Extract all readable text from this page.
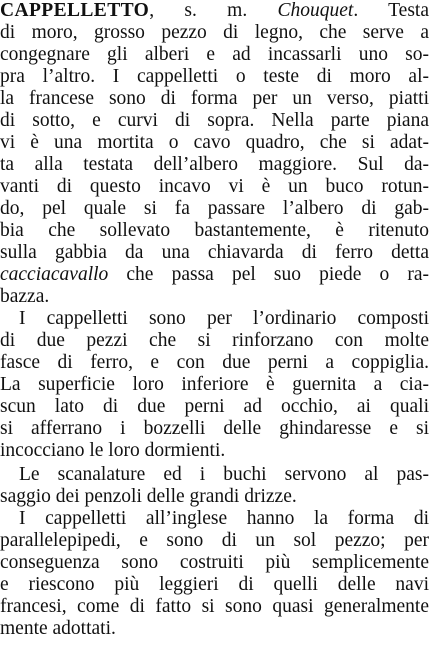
CAPPELLETTO, s. m. Chouquet. Testa
di moro, grosso pezzo di legno, che serve a
congegnare gli alberi e ad incassarli uno so-
pra l’altro. I cappelletti o teste di moro al-
la francese sono di forma per un verso, piatti
di sotto, e curvi di sopra. Nella parte piana
vi è una mortita o cavo quadro, che si adat-
ta alla testata dell’albero maggiore. Sul da-
vanti di questo incavo vi è un buco rotun-
do, pel quale si fa passare l’albero di gab-
bia che sollevato bastantemente, è ritenuto
sulla gabbia da una chiavarda di ferro detta
cacciacavallo che passa pel suo piede o ra-
bazza.
I cappelletti sono per l’ordinario composti
di due pezzi che si rinforzano con molte
fasce di ferro, e con due perni a coppiglia.
La superficie loro inferiore è guernita a cia-
scun lato di due perni ad occhio, ai quali
si afferrano i bozzelli delle ghindaresse e si
incocciano le loro dormienti.
Le scanalature ed i buchi servono al pas-
saggio dei penzoli delle grandi drizze.
I cappelletti all’inglese hanno la forma di
parallelepipedi, e sono di un sol pezzo; per
conseguenza sono costruiti più semplicemente
e riescono più leggieri di quelli delle navi
francesi, come di fatto si sono quasi generalmente
mente adottati.
